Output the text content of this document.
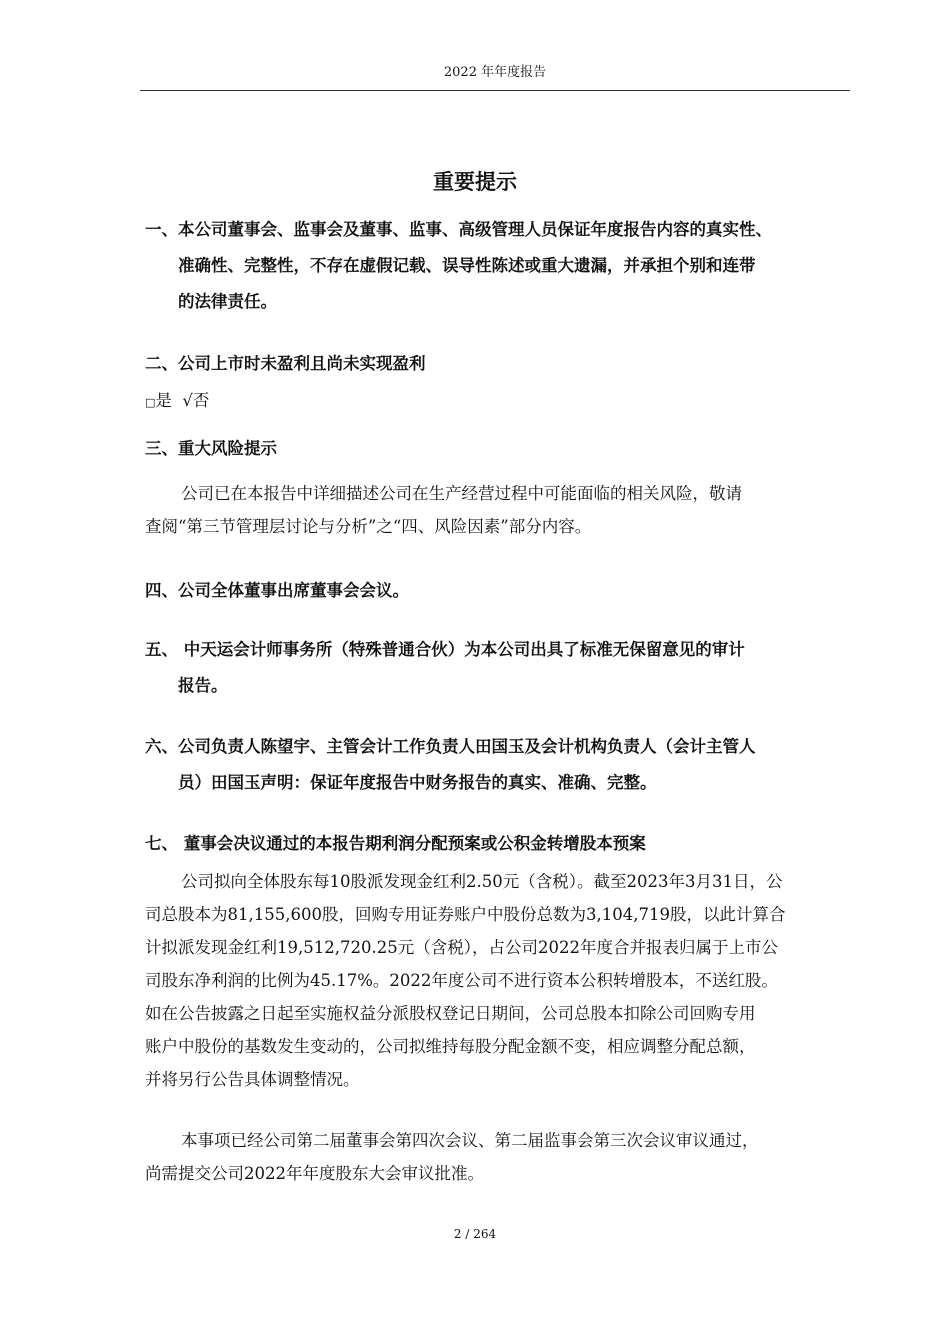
2022 年年度报告
重要提示
一、本公司董事会、监事会及董事、监事、高级管理人员保证年度报告内容的真实性、
准确性、完整性，不存在虚假记载、误导性陈述或重大遗漏，并承担个别和连带
的法律责任。
二、公司上市时未盈利且尚未实现盈利
□是 √否
三、重大风险提示
公司已在本报告中详细描述公司在生产经营过程中可能面临的相关风险，敬请
查阅“第三节管理层讨论与分析”之“四、风险因素”部分内容。
四、公司全体董事出席董事会会议。
五、 中天运会计师事务所（特殊普通合伙）为本公司出具了标准无保留意见的审计
报告。
六、公司负责人陈望宇、主管会计工作负责人田国玉及会计机构负责人（会计主管人
员）田国玉声明：保证年度报告中财务报告的真实、准确、完整。
七、 董事会决议通过的本报告期利润分配预案或公积金转增股本预案
公司拟向全体股东每10股派发现金红利2.50元（含税）。截至2023年3月31日，公
司总股本为81,155,600股，回购专用证券账户中股份总数为3,104,719股，以此计算合
计拟派发现金红利19,512,720.25元（含税），占公司2022年度合并报表归属于上市公
司股东净利润的比例为45.17%。2022年度公司不进行资本公积转增股本，不送红股。
如在公告披露之日起至实施权益分派股权登记日期间，公司总股本扣除公司回购专用
账户中股份的基数发生变动的，公司拟维持每股分配金额不变，相应调整分配总额，
并将另行公告具体调整情况。
本事项已经公司第二届董事会第四次会议、第二届监事会第三次会议审议通过，
尚需提交公司2022年年度股东大会审议批准。
2 / 264
